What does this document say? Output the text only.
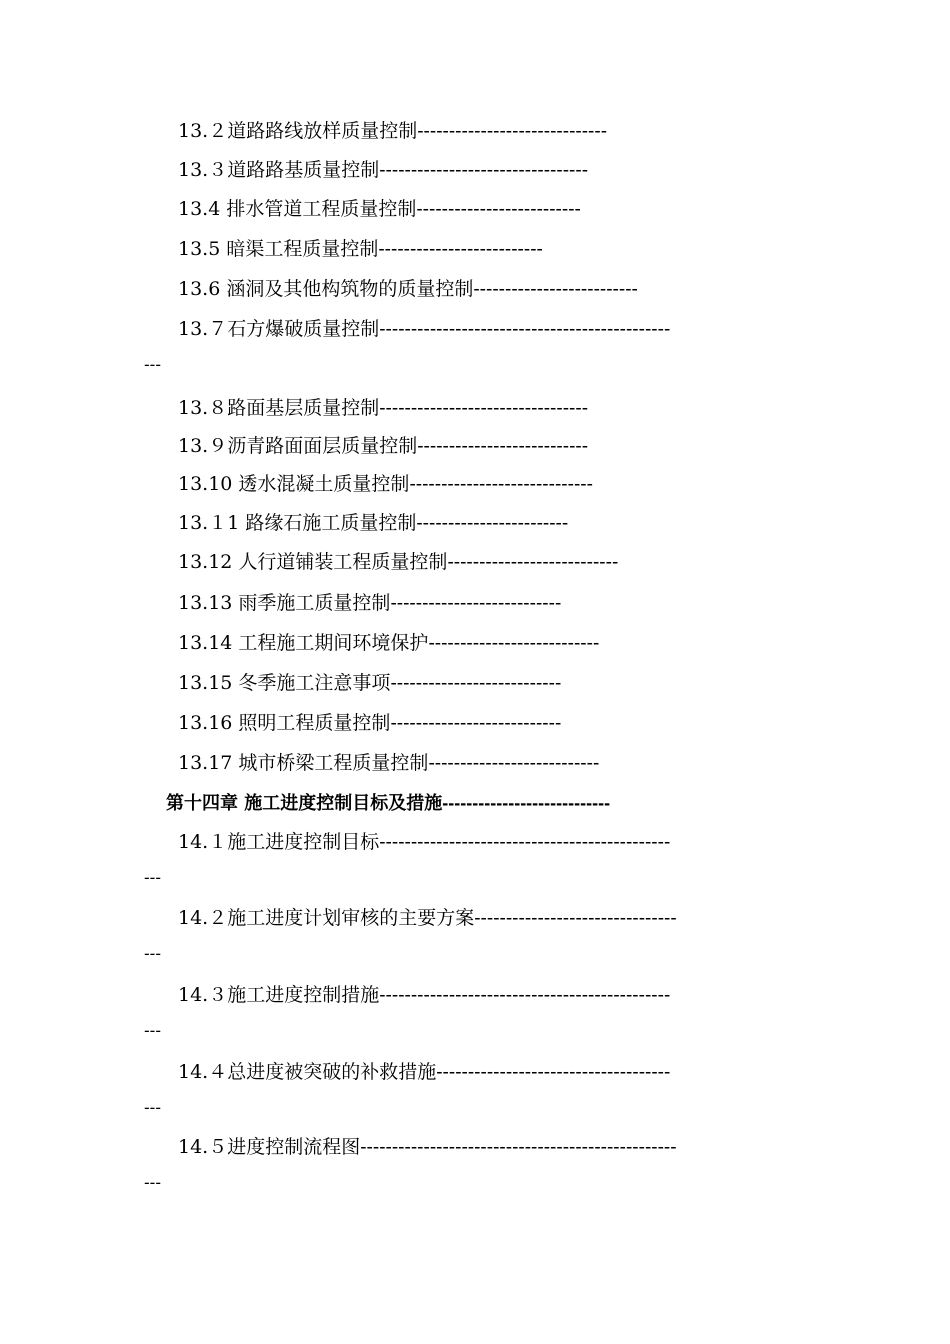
13.２道路路线放样质量控制------------------------------
13.３道路路基质量控制---------------------------------
13.4 排水管道工程质量控制--------------------------
13.5 暗渠工程质量控制--------------------------
13.6 涵洞及其他构筑物的质量控制--------------------------
13.７石方爆破质量控制----------------------------------------------
---
13.８路面基层质量控制---------------------------------
13.９沥青路面面层质量控制---------------------------
13.10 透水混凝土质量控制-----------------------------
13.１1 路缘石施工质量控制------------------------
13.12 人行道铺装工程质量控制---------------------------
13.13 雨季施工质量控制---------------------------
13.14 工程施工期间环境保护---------------------------
13.15 冬季施工注意事项---------------------------
13.16 照明工程质量控制---------------------------
13.17 城市桥梁工程质量控制---------------------------
第十四章 施工进度控制目标及措施----------------------------
14.１施工进度控制目标----------------------------------------------
---
14.２施工进度计划审核的主要方案--------------------------------
---
14.３施工进度控制措施----------------------------------------------
---
14.４总进度被突破的补救措施-------------------------------------
---
14.５进度控制流程图--------------------------------------------------
---
